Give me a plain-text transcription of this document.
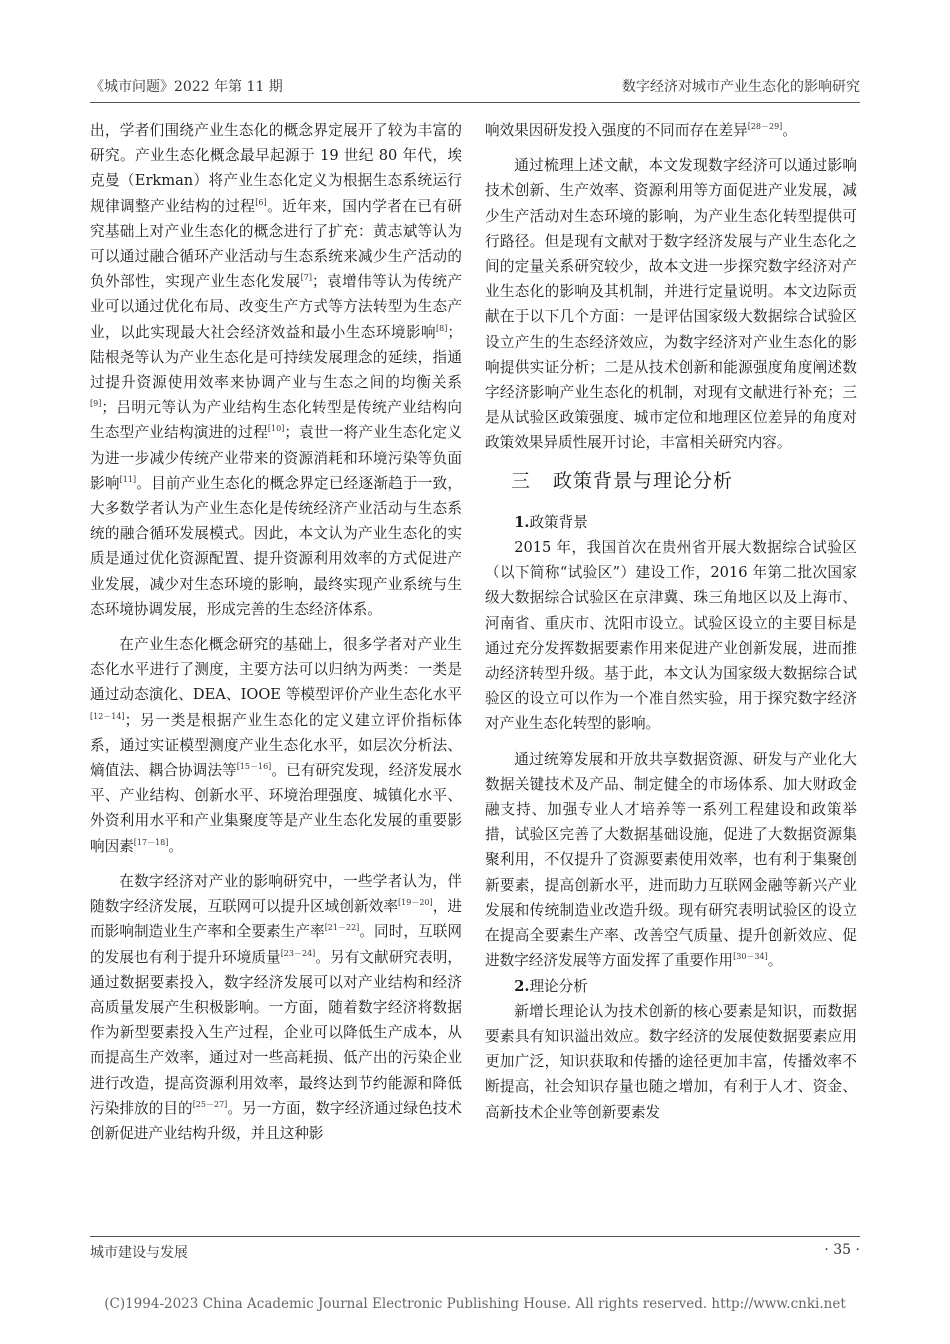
《城市问题》2022 年第 11 期	数字经济对城市产业生态化的影响研究

出，学者们围绕产业生态化的概念界定展开了较为丰富的研究。产业生态化概念最早起源于 19 世纪 80 年代，埃克曼（Erkman）将产业生态化定义为根据生态系统运行规律调整产业结构的过程[6]。近年来，国内学者在已有研究基础上对产业生态化的概念进行了扩充：黄志斌等认为可以通过融合循环产业活动与生态系统来减少生产活动的负外部性，实现产业生态化发展[7]；袁增伟等认为传统产业可以通过优化布局、改变生产方式等方法转型为生态产业，以此实现最大社会经济效益和最小生态环境影响[8]；陆根尧等认为产业生态化是可持续发展理念的延续，指通过提升资源使用效率来协调产业与生态之间的均衡关系[9]；吕明元等认为产业结构生态化转型是传统产业结构向生态型产业结构演进的过程[10]；袁世一将产业生态化定义为进一步减少传统产业带来的资源消耗和环境污染等负面影响[11]。目前产业生态化的概念界定已经逐渐趋于一致，大多数学者认为产业生态化是传统经济产业活动与生态系统的融合循环发展模式。因此，本文认为产业生态化的实质是通过优化资源配置、提升资源利用效率的方式促进产业发展，减少对生态环境的影响，最终实现产业系统与生态环境协调发展，形成完善的生态经济体系。

在产业生态化概念研究的基础上，很多学者对产业生态化水平进行了测度，主要方法可以归纳为两类：一类是通过动态演化、DEA、IOOE 等模型评价产业生态化水平[12－14]；另一类是根据产业生态化的定义建立评价指标体系，通过实证模型测度产业生态化水平，如层次分析法、熵值法、耦合协调法等[15－16]。已有研究发现，经济发展水平、产业结构、创新水平、环境治理强度、城镇化水平、外资利用水平和产业集聚度等是产业生态化发展的重要影响因素[17－18]。

在数字经济对产业的影响研究中，一些学者认为，伴随数字经济发展，互联网可以提升区域创新效率[19－20]，进而影响制造业生产率和全要素生产率[21－22]。同时，互联网的发展也有利于提升环境质量[23－24]。另有文献研究表明，通过数据要素投入，数字经济发展可以对产业结构和经济高质量发展产生积极影响。一方面，随着数字经济将数据作为新型要素投入生产过程，企业可以降低生产成本，从而提高生产效率，通过对一些高耗损、低产出的污染企业进行改造，提高资源利用效率，最终达到节约能源和降低污染排放的目的[25－27]。另一方面，数字经济通过绿色技术创新促进产业结构升级，并且这种影

响效果因研发投入强度的不同而存在差异[28－29]。

通过梳理上述文献，本文发现数字经济可以通过影响技术创新、生产效率、资源利用等方面促进产业发展，减少生产活动对生态环境的影响，为产业生态化转型提供可行路径。但是现有文献对于数字经济发展与产业生态化之间的定量关系研究较少，故本文进一步探究数字经济对产业生态化的影响及其机制，并进行定量说明。本文边际贡献在于以下几个方面：一是评估国家级大数据综合试验区设立产生的生态经济效应，为数字经济对产业生态化的影响提供实证分析；二是从技术创新和能源强度角度阐述数字经济影响产业生态化的机制，对现有文献进行补充；三是从试验区政策强度、城市定位和地理区位差异的角度对政策效果异质性展开讨论，丰富相关研究内容。

三 政策背景与理论分析

1.政策背景

2015 年，我国首次在贵州省开展大数据综合试验区（以下简称“试验区”）建设工作，2016 年第二批次国家级大数据综合试验区在京津冀、珠三角地区以及上海市、河南省、重庆市、沈阳市设立。试验区设立的主要目标是通过充分发挥数据要素作用来促进产业创新发展，进而推动经济转型升级。基于此，本文认为国家级大数据综合试验区的设立可以作为一个准自然实验，用于探究数字经济对产业生态化转型的影响。

通过统筹发展和开放共享数据资源、研发与产业化大数据关键技术及产品、制定健全的市场体系、加大财政金融支持、加强专业人才培养等一系列工程建设和政策举措，试验区完善了大数据基础设施，促进了大数据资源集聚利用，不仅提升了资源要素使用效率，也有利于集聚创新要素，提高创新水平，进而助力互联网金融等新兴产业发展和传统制造业改造升级。现有研究表明试验区的设立在提高全要素生产率、改善空气质量、提升创新效应、促进数字经济发展等方面发挥了重要作用[30－34]。

2.理论分析

新增长理论认为技术创新的核心要素是知识，而数据要素具有知识溢出效应。数字经济的发展使数据要素应用更加广泛，知识获取和传播的途径更加丰富，传播效率不断提高，社会知识存量也随之增加，有利于人才、资金、高新技术企业等创新要素发

城市建设与发展	· 35 ·
(C)1994-2023 China Academic Journal Electronic Publishing House. All rights reserved. http://www.cnki.net
